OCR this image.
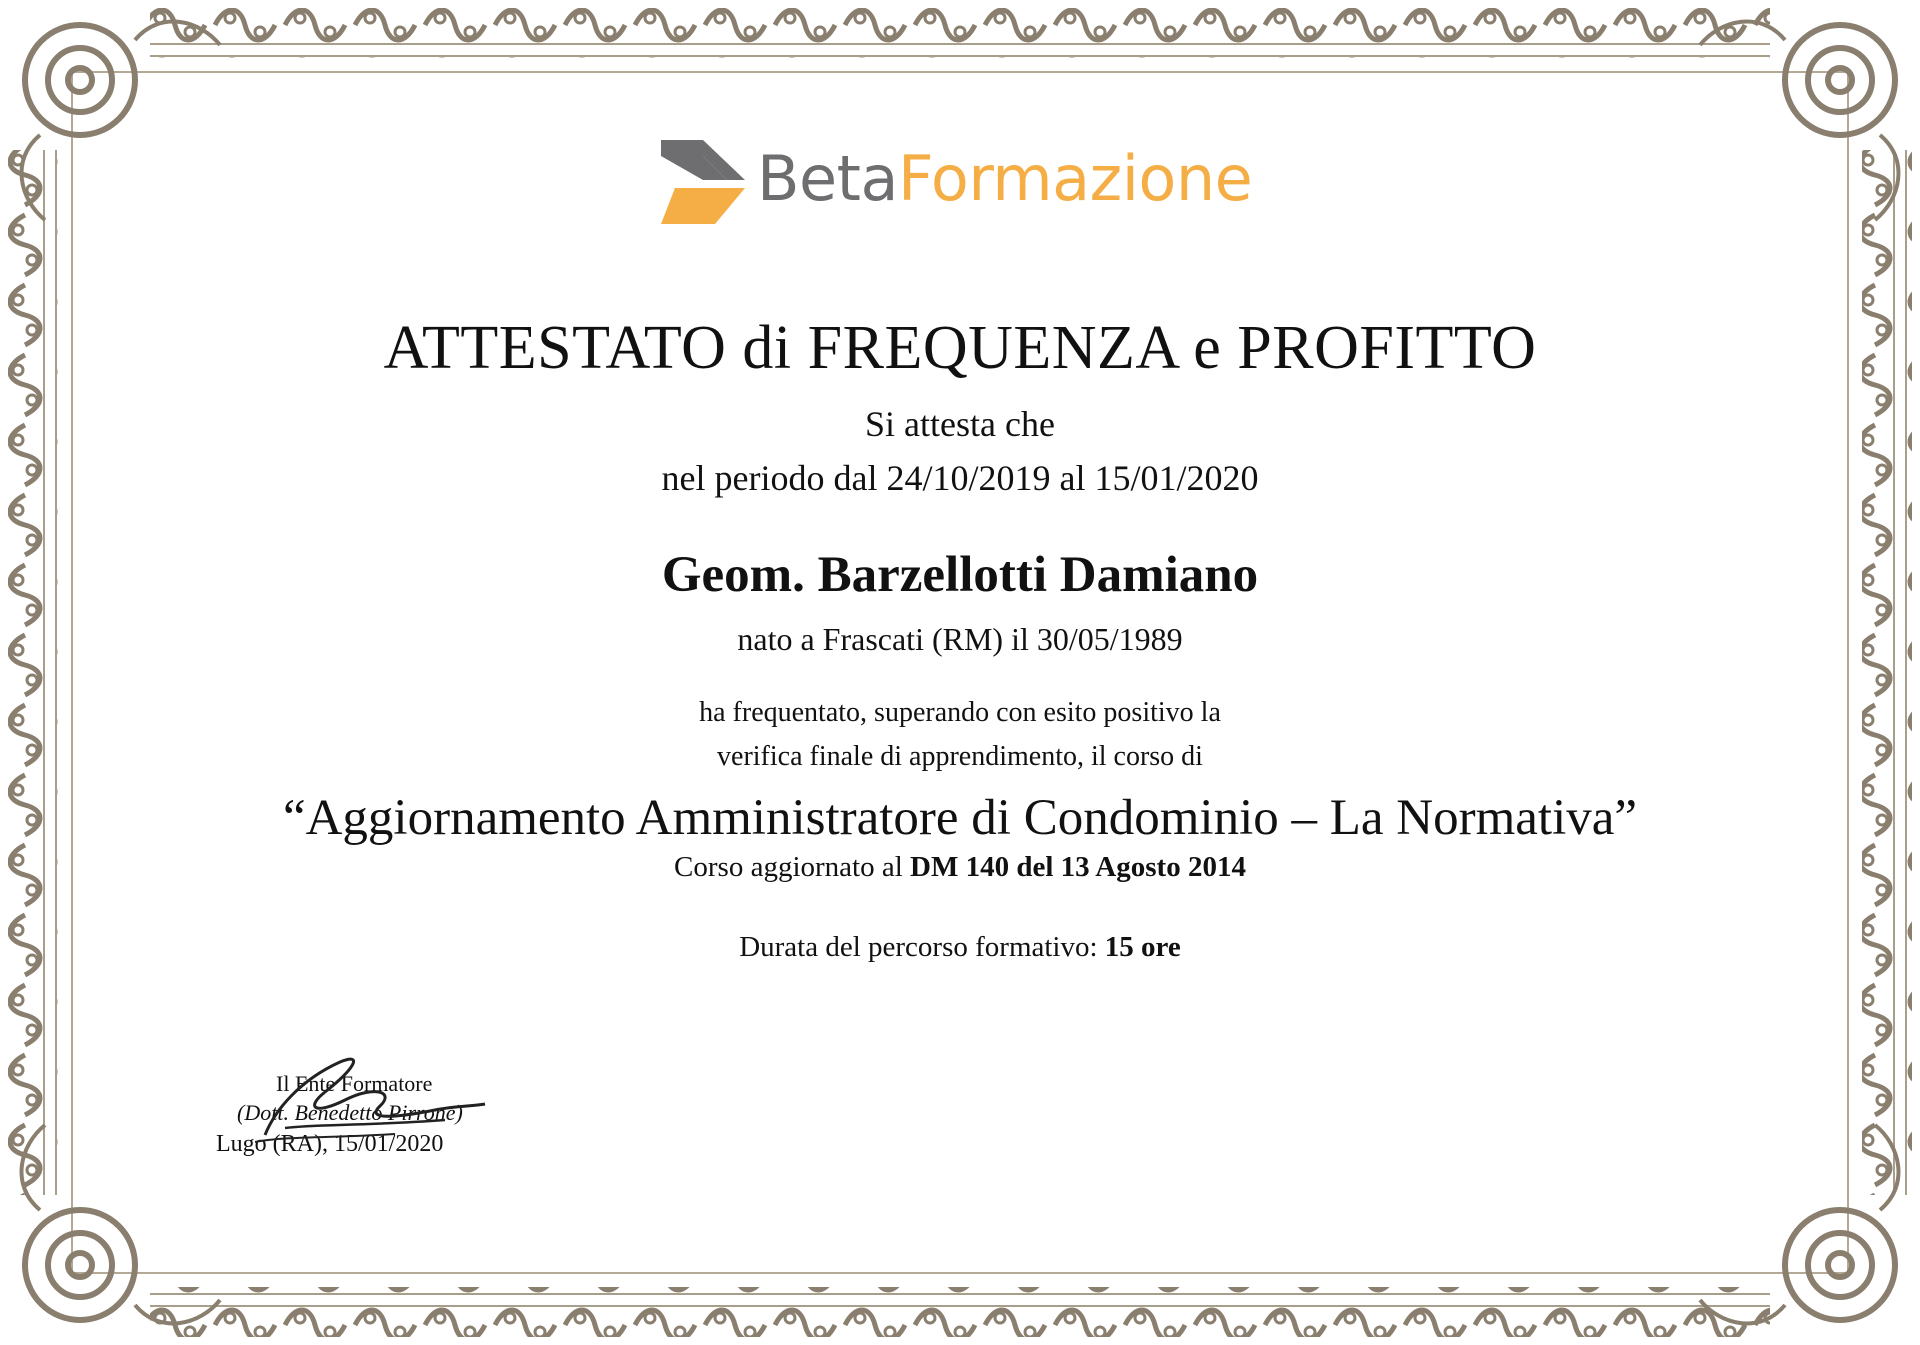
BetaFormazione
ATTESTATO di FREQUENZA e PROFITTO
Si attesta che
nel periodo dal 24/10/2019 al 15/01/2020
Geom. Barzellotti Damiano
nato a Frascati (RM) il 30/05/1989
ha frequentato, superando con esito positivo la
verifica finale di apprendimento, il corso di
“Aggiornamento Amministratore di Condominio – La Normativa”
Corso aggiornato al DM 140 del 13 Agosto 2014
Durata del percorso formativo: 15 ore
Il Ente Formatore
(Dott. Benedetto Pirrone)
Lugo (RA), 15/01/2020
